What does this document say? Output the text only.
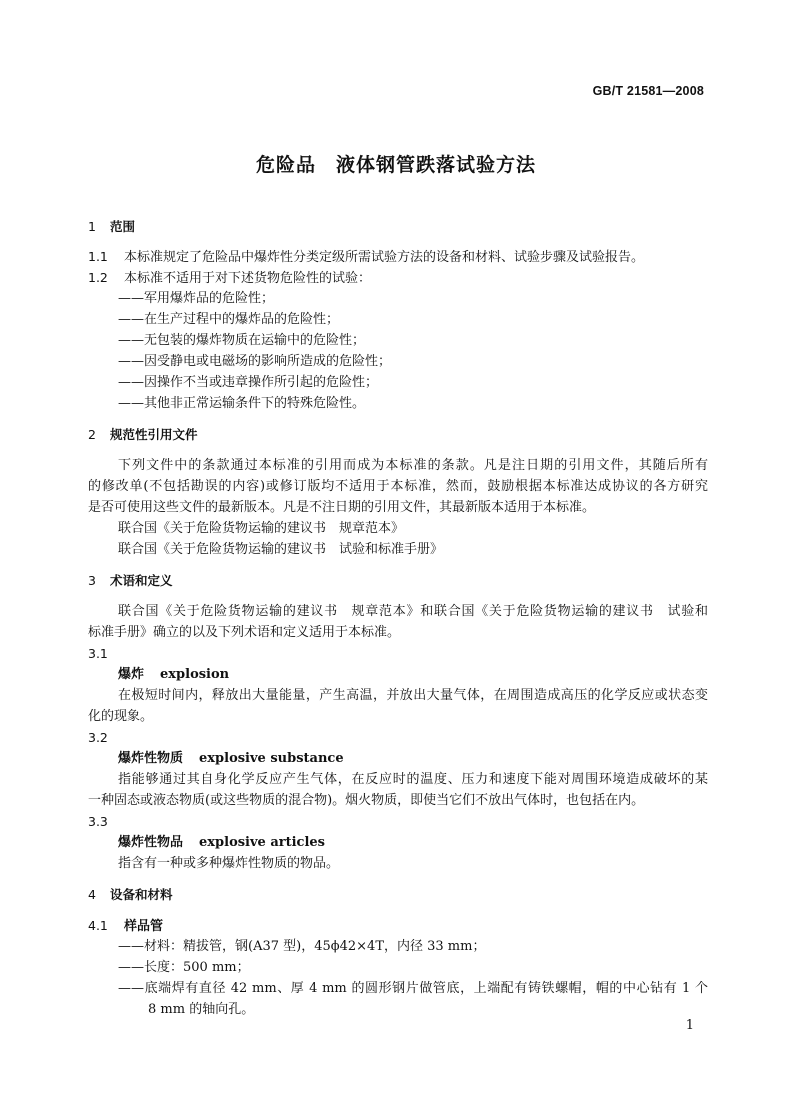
GB/T 21581—2008
危险品　液体钢管跌落试验方法
1 范围
1.1 本标准规定了危险品中爆炸性分类定级所需试验方法的设备和材料、试验步骤及试验报告。
1.2 本标准不适用于对下述货物危险性的试验：
——军用爆炸品的危险性；
——在生产过程中的爆炸品的危险性；
——无包装的爆炸物质在运输中的危险性；
——因受静电或电磁场的影响所造成的危险性；
——因操作不当或违章操作所引起的危险性；
——其他非正常运输条件下的特殊危险性。
2 规范性引用文件
下列文件中的条款通过本标准的引用而成为本标准的条款。凡是注日期的引用文件，其随后所有
的修改单(不包括勘误的内容)或修订版均不适用于本标准，然而，鼓励根据本标准达成协议的各方研究
是否可使用这些文件的最新版本。凡是不注日期的引用文件，其最新版本适用于本标准。
联合国《关于危险货物运输的建议书　规章范本》
联合国《关于危险货物运输的建议书　试验和标准手册》
3 术语和定义
联合国《关于危险货物运输的建议书　规章范本》和联合国《关于危险货物运输的建议书　试验和
标准手册》确立的以及下列术语和定义适用于本标准。
3.1
爆炸 explosion
在极短时间内，释放出大量能量，产生高温，并放出大量气体，在周围造成高压的化学反应或状态变
化的现象。
3.2
爆炸性物质 explosive substance
指能够通过其自身化学反应产生气体，在反应时的温度、压力和速度下能对周围环境造成破坏的某
一种固态或液态物质(或这些物质的混合物)。烟火物质，即使当它们不放出气体时，也包括在内。
3.3
爆炸性物品 explosive articles
指含有一种或多种爆炸性物质的物品。
4 设备和材料
4.1 样品管
——材料：精拔管，钢(A37 型)，45ϕ42×4T，内径 33 mm；
——长度：500 mm；
——底端焊有直径 42 mm、厚 4 mm 的圆形钢片做管底，上端配有铸铁螺帽，帽的中心钻有 1 个
8 mm 的轴向孔。
1
